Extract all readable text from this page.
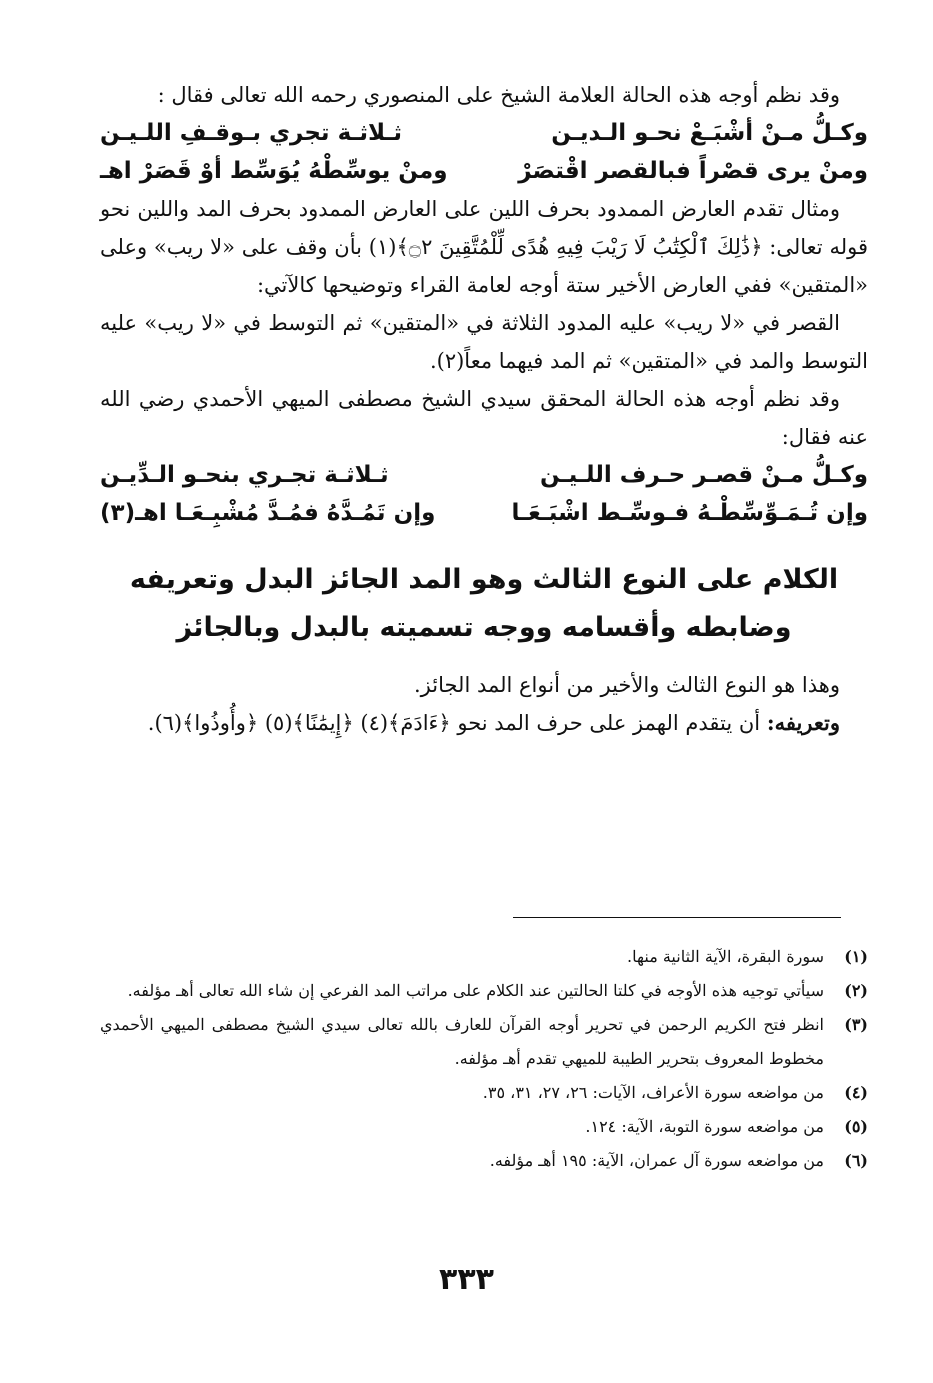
وقد نظم أوجه هذه الحالة العلامة الشيخ على المنصوري رحمه الله تعالى فقال :

وكـلُّ مـنْ أشْبَـعْ نحـو الـديـن
ثـلاثـة تجري بـوقـفِ اللـيـن
ومنْ يرى قصْراً فبالقصر اقْتصَرْ
ومنْ يوسِّطْهُ يُوَسِّط أوْ قَصَرْ اهـ

ومثال تقدم العارض الممدود بحرف اللين على العارض الممدود بحرف المد واللين نحو قوله تعالى: ﴿ذَٰلِكَ ٱلْكِتَٰبُ لَا رَيْبَ فِيهِ هُدًى لِّلْمُتَّقِينَ ۝٢﴾(١) بأن وقف على «لا ريب» وعلى «المتقين» ففي العارض الأخير ستة أوجه لعامة القراء وتوضيحها كالآتي:

القصر في «لا ريب» عليه المدود الثلاثة في «المتقين» ثم التوسط في «لا ريب» عليه التوسط والمد في «المتقين» ثم المد فيهما معاً(٢).

وقد نظم أوجه هذه الحالة المحقق سيدي الشيخ مصطفى الميهي الأحمدي رضي الله عنه فقال:

وكـلُّ مـنْ قصـر حـرف اللـيـن
ثـلاثـة تجـري بنحـو الـدِّيـن
وإن تُـمَـوِّسِّطْـهُ فـوسِّـط اشْبَـعَـا
وإن تَمُـدَّهُ فمُـدَّ مُشْبِـعَـا اهـ(٣)
الكلام على النوع الثالث وهو المد الجائز البدل وتعريفه وضابطه وأقسامه ووجه تسميته بالبدل وبالجائز

وهذا هو النوع الثالث والأخير من أنواع المد الجائز.

وتعريفه: أن يتقدم الهمز على حرف المد نحو ﴿ءَادَمَ﴾(٤) ﴿إِيمَٰنًا﴾(٥) ﴿وأُوذُوا﴾(٦).

(١)
سورة البقرة، الآية الثانية منها.
(٢)
سيأتي توجيه هذه الأوجه في كلتا الحالتين عند الكلام على مراتب المد الفرعي إن شاء الله تعالى أهـ مؤلفه.
(٣)
انظر فتح الكريم الرحمن في تحرير أوجه القرآن للعارف بالله تعالى سيدي الشيخ مصطفى الميهي الأحمدي مخطوط المعروف بتحرير الطيبة للميهي تقدم أهـ مؤلفه.
(٤)
من مواضعه سورة الأعراف، الآيات: ٢٦، ٢٧، ٣١، ٣٥.
(٥)
من مواضعه سورة التوبة، الآية: ١٢٤.
(٦)
من مواضعه سورة آل عمران، الآية: ١٩٥ أهـ مؤلفه.
٣٣٣
